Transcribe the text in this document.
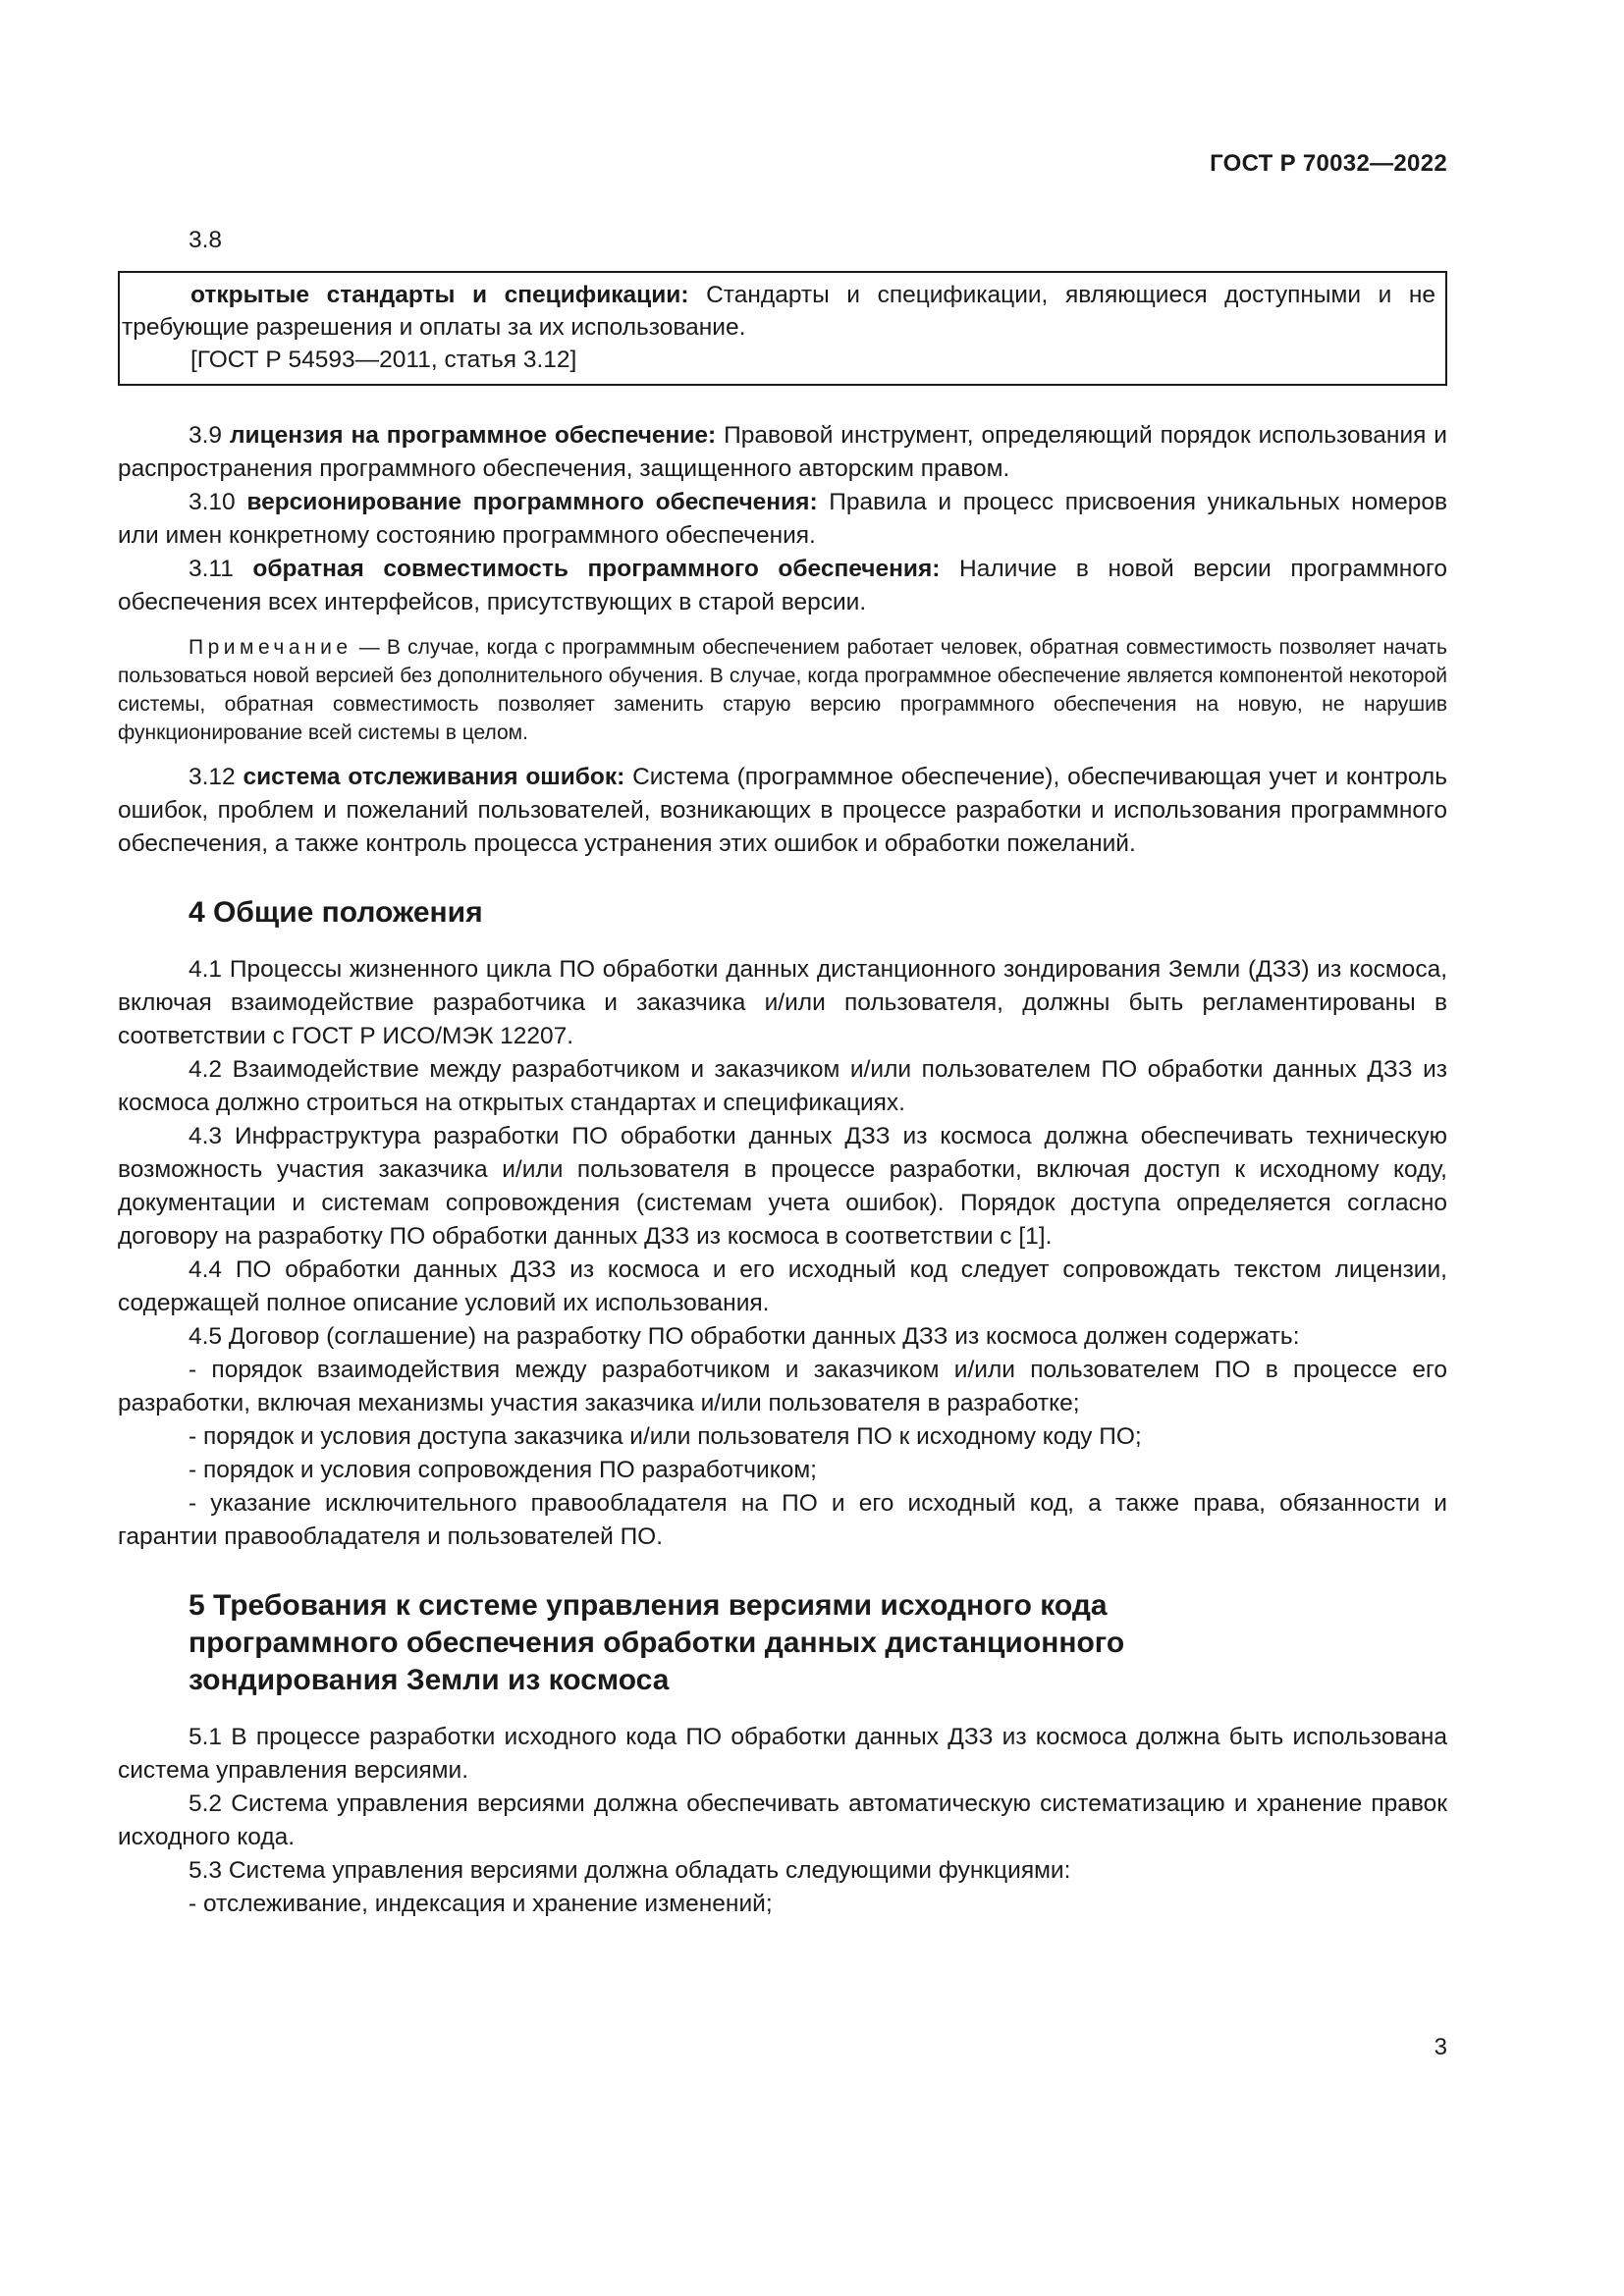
ГОСТ Р 70032—2022
3.8

открытые стандарты и спецификации: Стандарты и спецификации, являющиеся доступными и не требующие разрешения и оплаты за их использование.

[ГОСТ Р 54593—2011, статья 3.12]

3.9 лицензия на программное обеспечение: Правовой инструмент, определяющий порядок использования и распространения программного обеспечения, защищенного авторским правом.

3.10 версионирование программного обеспечения: Правила и процесс присвоения уникальных номеров или имен конкретному состоянию программного обеспечения.

3.11 обратная совместимость программного обеспечения: Наличие в новой версии программного обеспечения всех интерфейсов, присутствующих в старой версии.

Примечание — В случае, когда с программным обеспечением работает человек, обратная совместимость позволяет начать пользоваться новой версией без дополнительного обучения. В случае, когда программное обеспечение является компонентой некоторой системы, обратная совместимость позволяет заменить старую версию программного обеспечения на новую, не нарушив функционирование всей системы в целом.

3.12 система отслеживания ошибок: Система (программное обеспечение), обеспечивающая учет и контроль ошибок, проблем и пожеланий пользователей, возникающих в процессе разработки и использования программного обеспечения, а также контроль процесса устранения этих ошибок и обработки пожеланий.

4 Общие положения

4.1 Процессы жизненного цикла ПО обработки данных дистанционного зондирования Земли (ДЗЗ) из космоса, включая взаимодействие разработчика и заказчика и/или пользователя, должны быть регламентированы в соответствии с ГОСТ Р ИСО/МЭК 12207.

4.2 Взаимодействие между разработчиком и заказчиком и/или пользователем ПО обработки данных ДЗЗ из космоса должно строиться на открытых стандартах и спецификациях.

4.3 Инфраструктура разработки ПО обработки данных ДЗЗ из космоса должна обеспечивать техническую возможность участия заказчика и/или пользователя в процессе разработки, включая доступ к исходному коду, документации и системам сопровождения (системам учета ошибок). Порядок доступа определяется согласно договору на разработку ПО обработки данных ДЗЗ из космоса в соответствии с [1].

4.4 ПО обработки данных ДЗЗ из космоса и его исходный код следует сопровождать текстом лицензии, содержащей полное описание условий их использования.

4.5 Договор (соглашение) на разработку ПО обработки данных ДЗЗ из космоса должен содержать:

- порядок взаимодействия между разработчиком и заказчиком и/или пользователем ПО в процессе его разработки, включая механизмы участия заказчика и/или пользователя в разработке;

- порядок и условия доступа заказчика и/или пользователя ПО к исходному коду ПО;

- порядок и условия сопровождения ПО разработчиком;

- указание исключительного правообладателя на ПО и его исходный код, а также права, обязанности и гарантии правообладателя и пользователей ПО.

5 Требования к системе управления версиями исходного кода программного обеспечения обработки данных дистанционного зондирования Земли из космоса

5.1 В процессе разработки исходного кода ПО обработки данных ДЗЗ из космоса должна быть использована система управления версиями.

5.2 Система управления версиями должна обеспечивать автоматическую систематизацию и хранение правок исходного кода.

5.3 Система управления версиями должна обладать следующими функциями:

- отслеживание, индексация и хранение изменений;

3
